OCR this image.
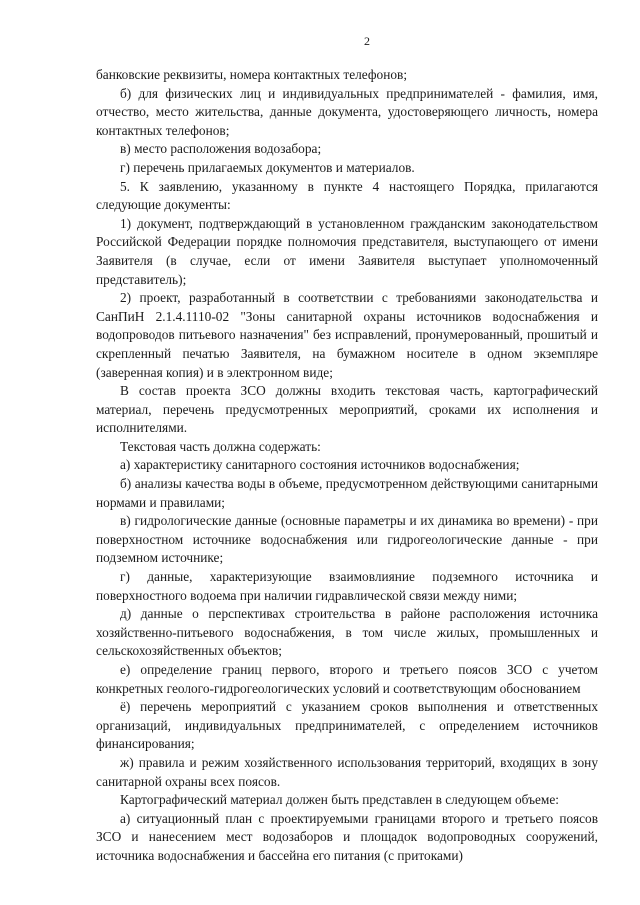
2

банковские реквизиты, номера контактных телефонов;

б) для физических лиц и индивидуальных предпринимателей - фамилия, имя, отчество, место жительства, данные документа, удостоверяющего личность, номера контактных телефонов;

в) место расположения водозабора;

г) перечень прилагаемых документов и материалов.

5. К заявлению, указанному в пункте 4 настоящего Порядка, прилагаются следующие документы:

1) документ, подтверждающий в установленном гражданским законодательством Российской Федерации порядке полномочия представителя, выступающего от имени Заявителя (в случае, если от имени Заявителя выступает уполномоченный представитель);

2) проект, разработанный в соответствии с требованиями законодательства и СанПиН 2.1.4.1110-02 "Зоны санитарной охраны источников водоснабжения и водопроводов питьевого назначения" без исправлений, пронумерованный, прошитый и скрепленный печатью Заявителя, на бумажном носителе в одном экземпляре (заверенная копия) и в электронном виде;

В состав проекта ЗСО должны входить текстовая часть, картографический материал, перечень предусмотренных мероприятий, сроками их исполнения и исполнителями.

Текстовая часть должна содержать:

а) характеристику санитарного состояния источников водоснабжения;

б) анализы качества воды в объеме, предусмотренном действующими санитарными нормами и правилами;

в) гидрологические данные (основные параметры и их динамика во времени) - при поверхностном источнике водоснабжения или гидрогеологические данные - при подземном источнике;

г) данные, характеризующие взаимовлияние подземного источника и поверхностного водоема при наличии гидравлической связи между ними;

д) данные о перспективах строительства в районе расположения источника хозяйственно-питьевого водоснабжения, в том числе жилых, промышленных и сельскохозяйственных объектов;

е) определение границ первого, второго и третьего поясов ЗСО с учетом конкретных геолого-гидрогеологических условий и соответствующим обоснованием

ё) перечень мероприятий с указанием сроков выполнения и ответственных организаций, индивидуальных предпринимателей, с определением источников финансирования;

ж) правила и режим хозяйственного использования территорий, входящих в зону санитарной охраны всех поясов.

Картографический материал должен быть представлен в следующем объеме:

а) ситуационный план с проектируемыми границами второго и третьего поясов ЗСО и нанесением мест водозаборов и площадок водопроводных сооружений, источника водоснабжения и бассейна его питания (с притоками)
